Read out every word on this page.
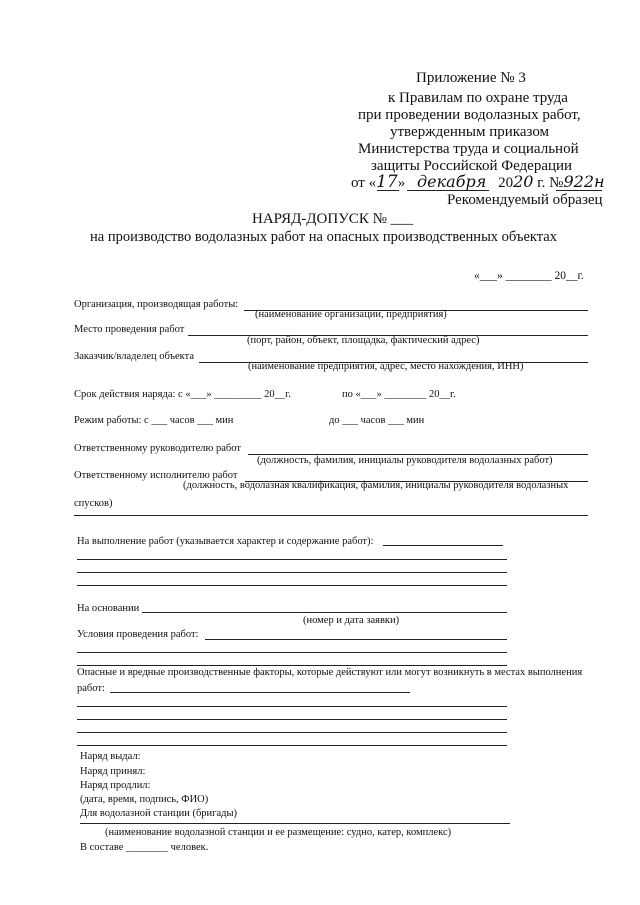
Приложение № 3
к Правилам по охране труда
при проведении водолазных работ,
утвержденным приказом
Министерства труда и социальной
защиты Российской Федерации
от «17» декабря 2020 г. №922н
Рекомендуемый образец
НАРЯД-ДОПУСК № ___
на производство водолазных работ на опасных производственных объектах
«___» ________ 20__г.
Организация, производящая работы:
(наименование организации, предприятия)
Место проведения работ
(порт, район, объект, площадка, фактический адрес)
Заказчик/владелец объекта
(наименование предприятия, адрес, место нахождения, ИНН)
Срок действия наряда: с «___» _________ 20__г.	по «___» ________ 20__г.
Режим работы: с ___ часов ___ мин	до ___ часов ___ мин
Ответственному руководителю работ
(должность, фамилия, инициалы руководителя водолазных работ)
Ответственному исполнителю работ
(должность, водолазная квалификация, фамилия, инициалы руководителя водолазных
спусков)
На выполнение работ (указывается характер и содержание работ):
На основании
(номер и дата заявки)
Условия проведения работ:
Опасные и вредные производственные факторы, которые действуют или могут возникнуть в местах выполнения
работ:
Наряд выдал:
Наряд принял:
Наряд продлил:
(дата, время, подпись, ФИО)
Для водолазной станции (бригады)
(наименование водолазной станции и ее размещение: судно, катер, комплекс)
В составе ________ человек.
